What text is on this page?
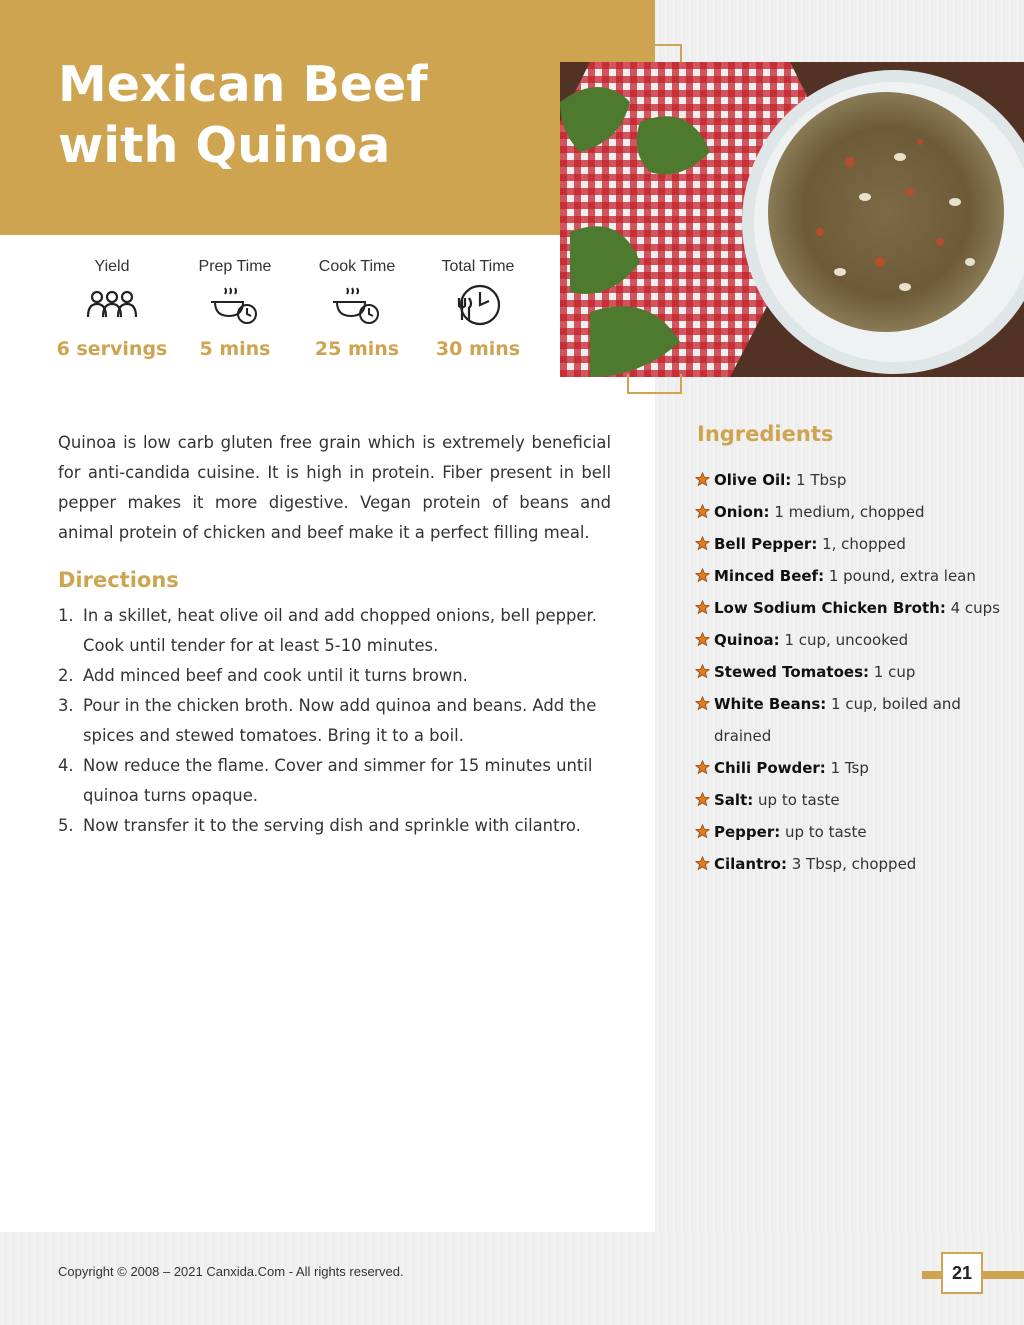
Mexican Beef with Quinoa
Yield
6 servings
Prep Time
5 mins
Cook Time
25 mins
Total Time
30 mins

Quinoa is low carb gluten free grain which is extremely beneficial for anti-candida cuisine. It is high in protein. Fiber present in bell pepper makes it more digestive. Vegan protein of beans and animal protein of chicken and beef make it a perfect filling meal.

Directions
1. In a skillet, heat olive oil and add chopped onions, bell pepper. Cook until tender for at least 5-10 minutes.
2. Add minced beef and cook until it turns brown.
3. Pour in the chicken broth. Now add quinoa and beans. Add the spices and stewed tomatoes. Bring it to a boil.
4. Now reduce the flame. Cover and simmer for 15 minutes until quinoa turns opaque.
5. Now transfer it to the serving dish and sprinkle with cilantro.
Ingredients
Olive Oil: 1 Tbsp
Onion: 1 medium, chopped
Bell Pepper: 1, chopped
Minced Beef: 1 pound, extra lean
Low Sodium Chicken Broth: 4 cups
Quinoa: 1 cup, uncooked
Stewed Tomatoes: 1 cup
White Beans: 1 cup, boiled and drained
Chili Powder: 1 Tsp
Salt: up to taste
Pepper: up to taste
Cilantro: 3 Tbsp, chopped
Copyright © 2008 – 2021 Canxida.Com - All rights reserved.	21
